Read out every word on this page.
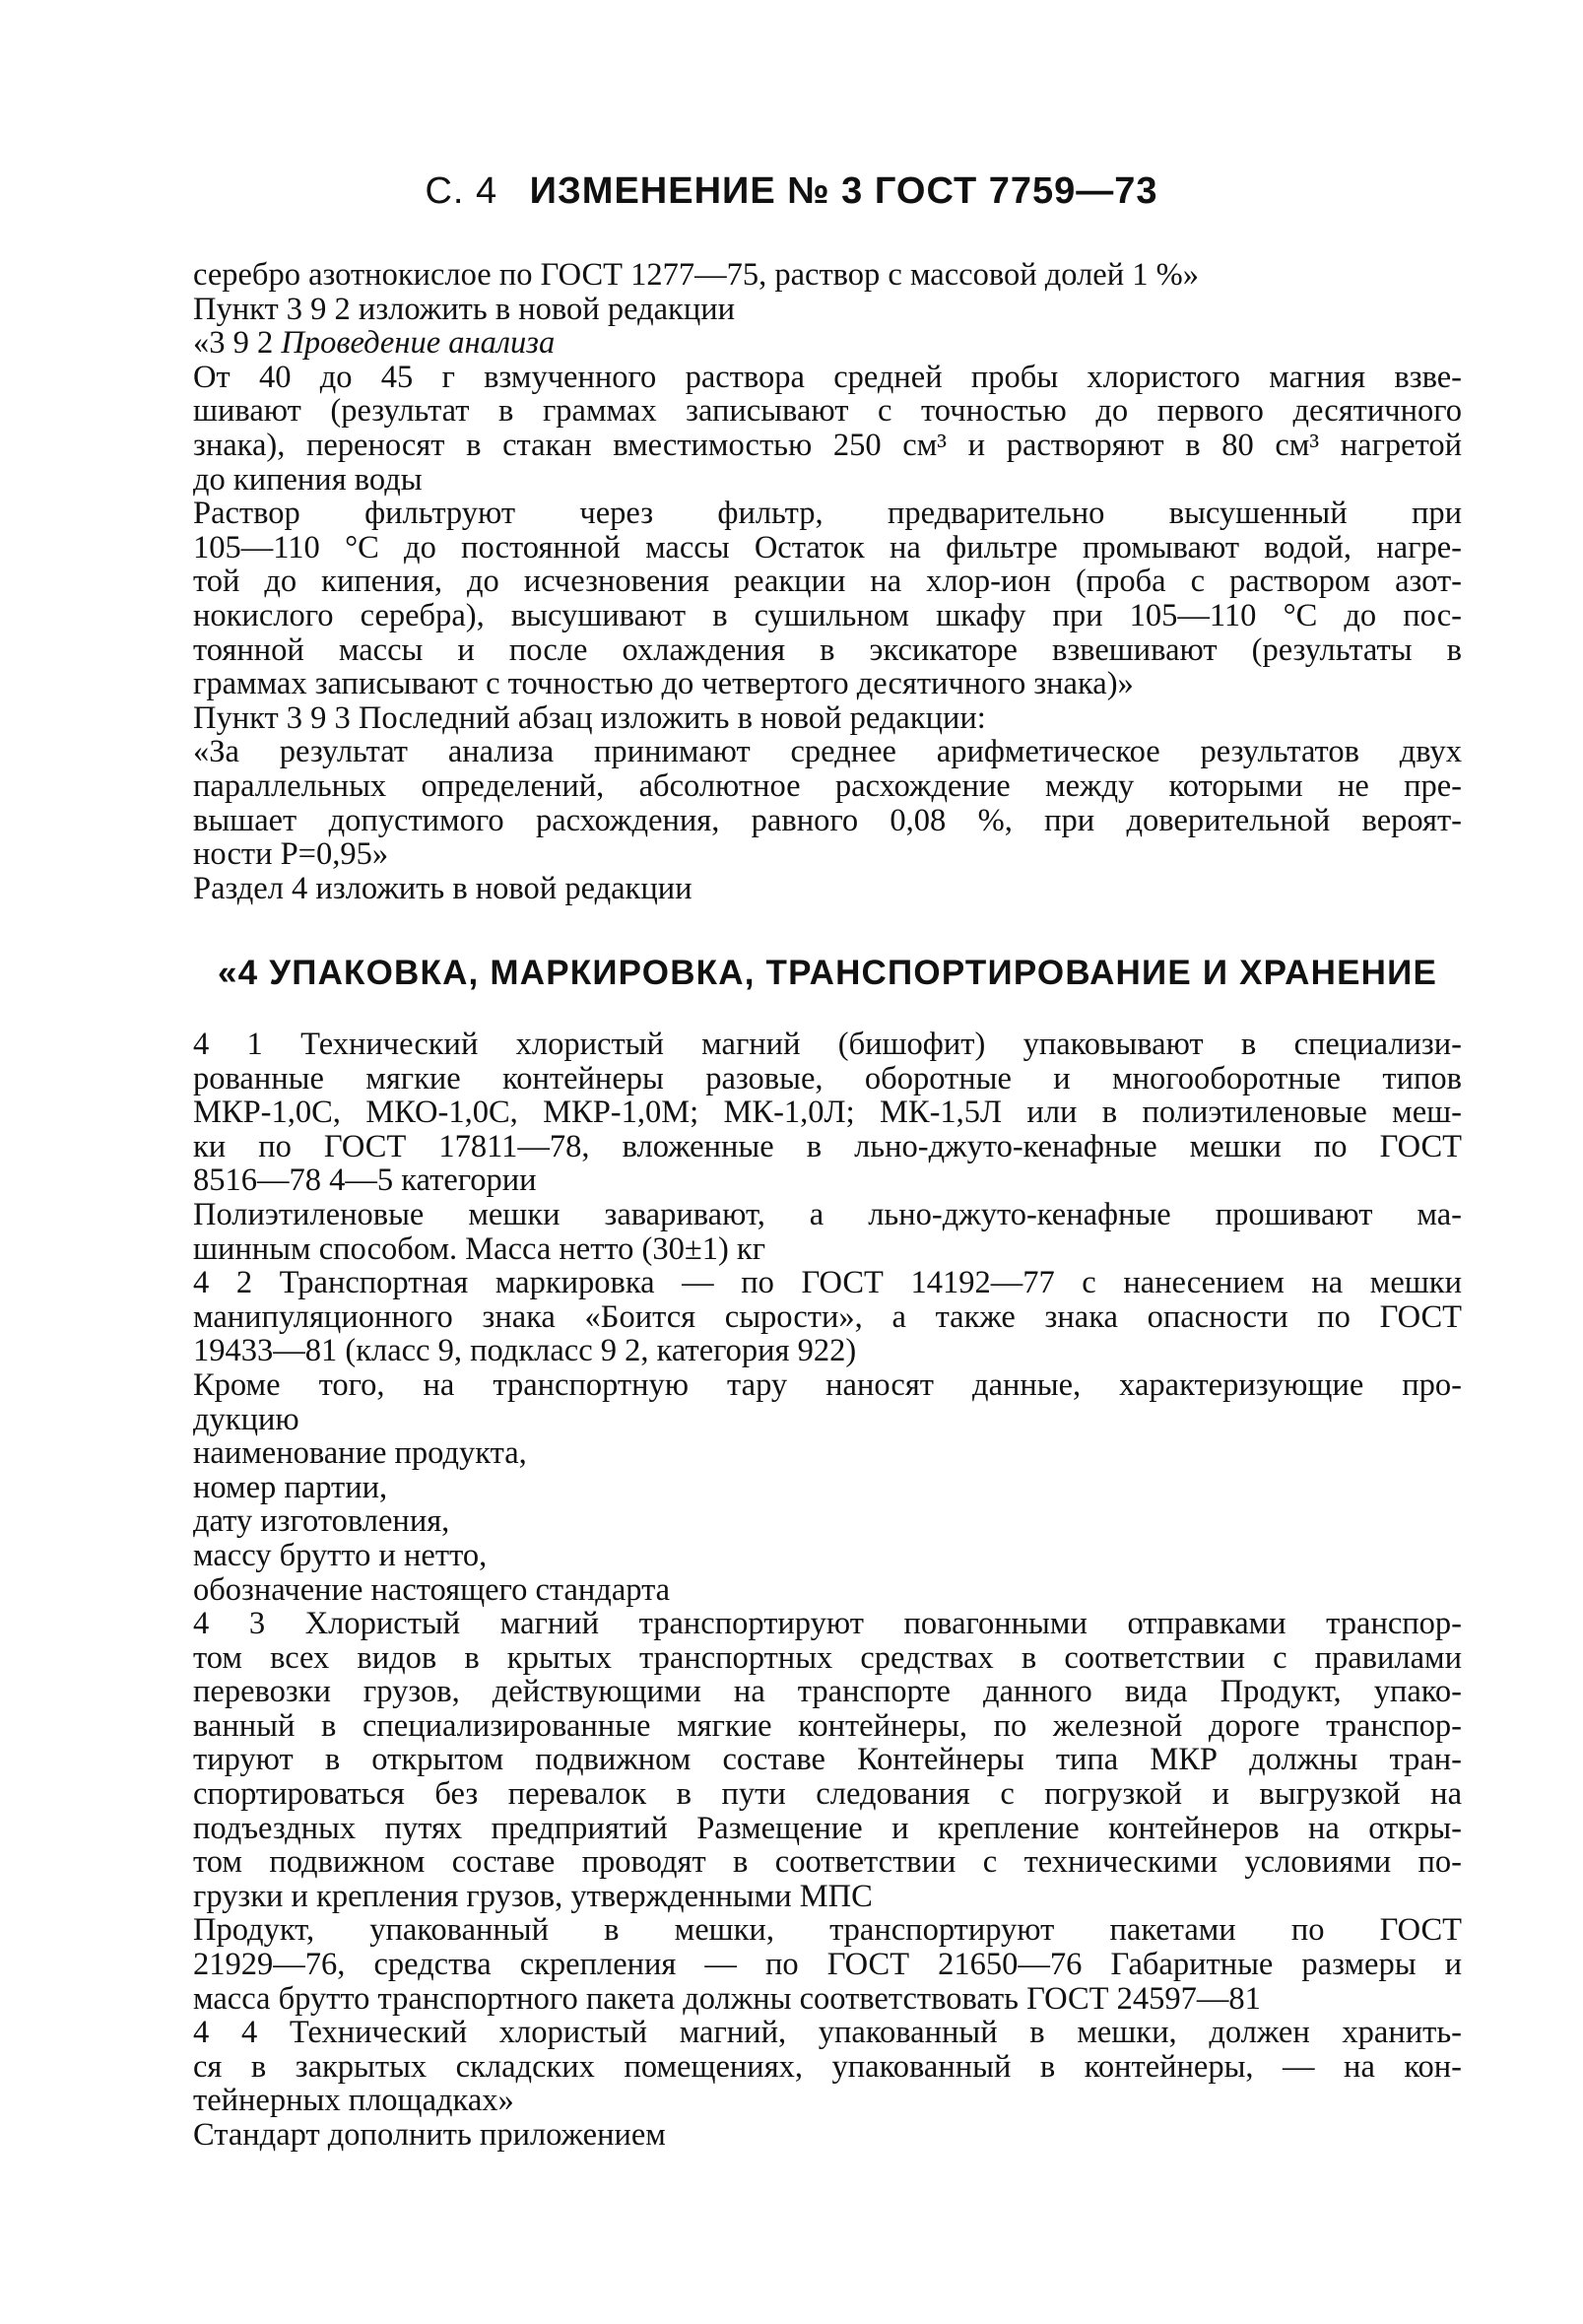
С. 4 ИЗМЕНЕНИЕ № 3 ГОСТ 7759—73
серебро азотнокислое по ГОСТ 1277—75, раствор с массовой долей 1 %»
Пункт 3 9 2 изложить в новой редакции
«3 9 2 Проведение анализа
От 40 до 45 г взмученного раствора средней пробы хлористого магния взве-
шивают (результат в граммах записывают с точностью до первого десятичного
знака), переносят в стакан вместимостью 250 см³ и растворяют в 80 см³ нагретой
до кипения воды
Раствор фильтруют через фильтр, предварительно высушенный при
105—110 °С до постоянной массы Остаток на фильтре промывают водой, нагре-
той до кипения, до исчезновения реакции на хлор-ион (проба с раствором азот-
нокислого серебра), высушивают в сушильном шкафу при 105—110 °С до пос-
тоянной массы и после охлаждения в эксикаторе взвешивают (результаты в
граммах записывают с точностью до четвертого десятичного знака)»
Пункт 3 9 3 Последний абзац изложить в новой редакции:
«За результат анализа принимают среднее арифметическое результатов двух
параллельных определений, абсолютное расхождение между которыми не пре-
вышает допустимого расхождения, равного 0,08 %, при доверительной вероят-
ности P=0,95»
Раздел 4 изложить в новой редакции
«4 УПАКОВКА, МАРКИРОВКА, ТРАНСПОРТИРОВАНИЕ И ХРАНЕНИЕ
4 1 Технический хлористый магний (бишофит) упаковывают в специализи-
рованные мягкие контейнеры разовые, оборотные и многооборотные типов
МКР-1,0С, МКО-1,0С, МКР-1,0М; МК-1,0Л; МК-1,5Л или в полиэтиленовые меш-
ки по ГОСТ 17811—78, вложенные в льно-джуто-кенафные мешки по ГОСТ
8516—78 4—5 категории
Полиэтиленовые мешки заваривают, а льно-джуто-кенафные прошивают ма-
шинным способом. Масса нетто (30±1) кг
4 2 Транспортная маркировка — по ГОСТ 14192—77 с нанесением на мешки
манипуляционного знака «Боится сырости», а также знака опасности по ГОСТ
19433—81 (класс 9, подкласс 9 2, категория 922)
Кроме того, на транспортную тару наносят данные, характеризующие про-
дукцию
наименование продукта,
номер партии,
дату изготовления,
массу брутто и нетто,
обозначение настоящего стандарта
4 3 Хлористый магний транспортируют повагонными отправками транспор-
том всех видов в крытых транспортных средствах в соответствии с правилами
перевозки грузов, действующими на транспорте данного вида Продукт, упако-
ванный в специализированные мягкие контейнеры, по железной дороге транспор-
тируют в открытом подвижном составе Контейнеры типа МКР должны тран-
спортироваться без перевалок в пути следования с погрузкой и выгрузкой на
подъездных путях предприятий Размещение и крепление контейнеров на откры-
том подвижном составе проводят в соответствии с техническими условиями по-
грузки и крепления грузов, утвержденными МПС
Продукт, упакованный в мешки, транспортируют пакетами по ГОСТ
21929—76, средства скрепления — по ГОСТ 21650—76 Габаритные размеры и
масса брутто транспортного пакета должны соответствовать ГОСТ 24597—81
4 4 Технический хлористый магний, упакованный в мешки, должен хранить-
ся в закрытых складских помещениях, упакованный в контейнеры, — на кон-
тейнерных площадках»
Стандарт дополнить приложением
